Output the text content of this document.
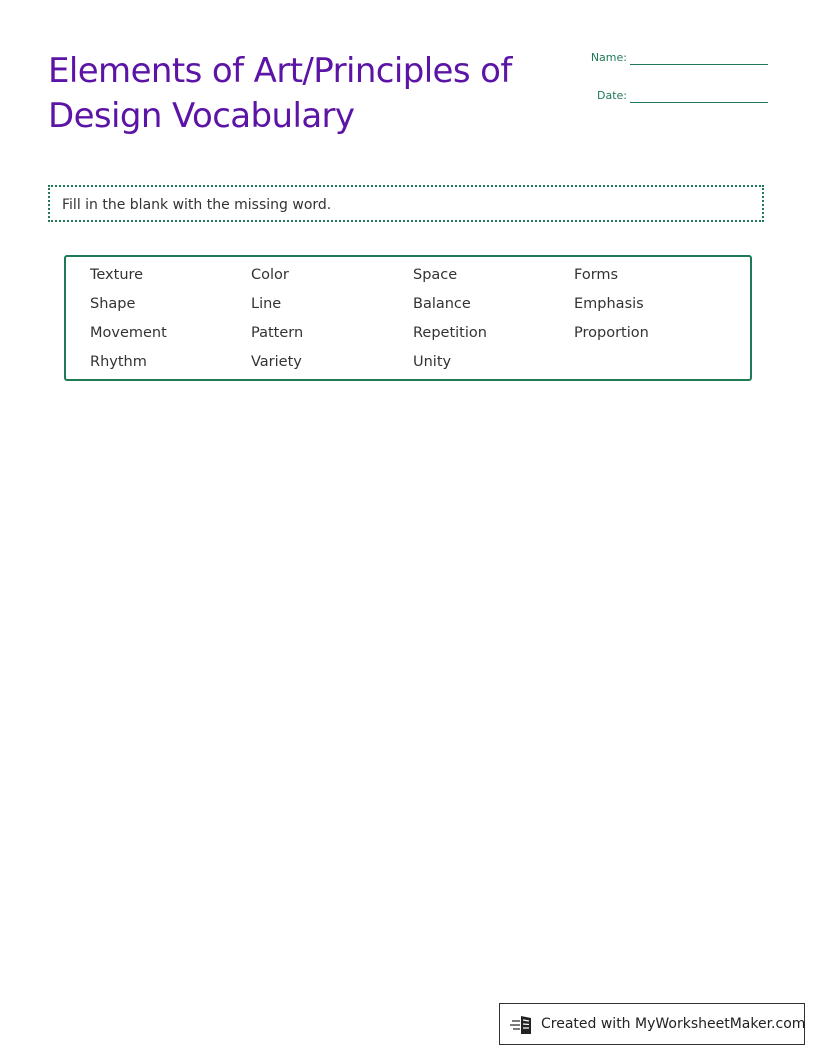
Elements of Art/Principles of
Design Vocabulary
Name:
Date:
Fill in the blank with the missing word.
Texture	Color	Space	Forms
Shape	Line	Balance	Emphasis
Movement	Pattern	Repetition	Proportion
Rhythm	Variety	Unity
Created with MyWorksheetMaker.com
